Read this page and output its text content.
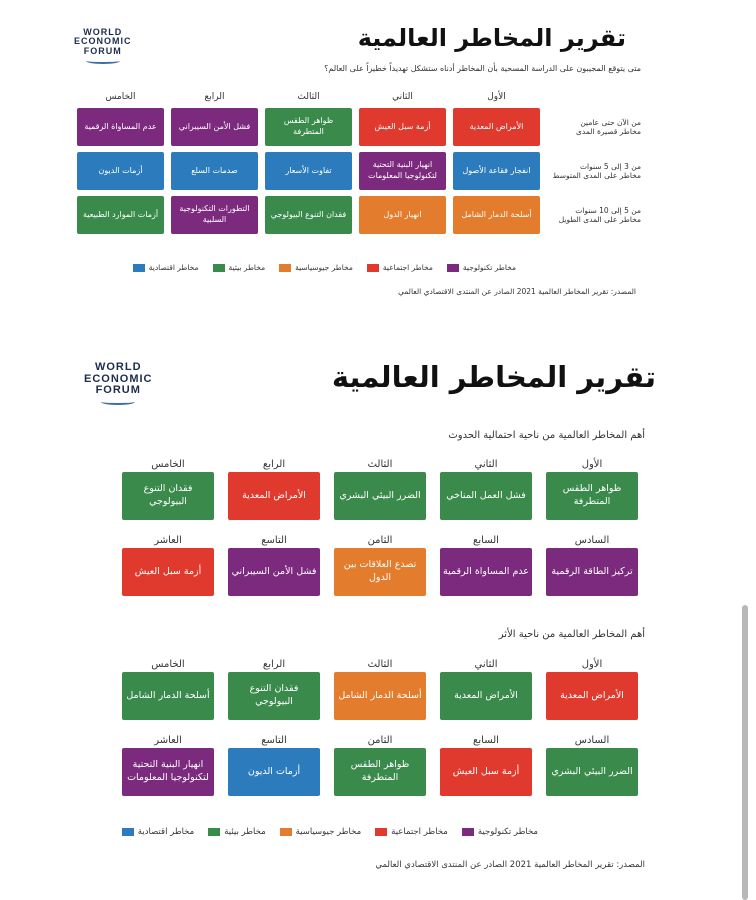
WORLD
ECONOMIC
FORUM	تقرير المخاطر العالمية
متى يتوقع المجيبون على الدراسة المسحية بأن المخاطر أدناه ستشكل تهديداً خطيراً على العالم؟
الأول
الثاني
الثالث
الرابع
الخامس
من الآن حتى عامين
مخاطر قصيرة المدى
الأمراض المعدية
أزمة سبل العيش
ظواهر الطقس المتطرفة
فشل الأمن السيبراني
عدم المساواة الرقمية
من 3 إلى 5 سنوات
مخاطر على المدى المتوسط
انفجار فقاعة الأصول
انهيار البنية التحتية لتكنولوجيا المعلومات
تفاوت الأسعار
صدمات السلع
أزمات الديون
من 5 إلى 10 سنوات
مخاطر على المدى الطويل
أسلحة الدمار الشامل
انهيار الدول
فقدان التنوع البيولوجي
التطورات التكنولوجية السلبية
أزمات الموارد الطبيعية
مخاطر تكنولوجية
مخاطر اجتماعية
مخاطر جيوسياسية
مخاطر بيئية
مخاطر اقتصادية
المصدر: تقرير المخاطر العالمية 2021 الصادر عن المنتدى الاقتصادي العالمي
WORLD
ECONOMIC
FORUM	تقرير المخاطر العالمية
أهم المخاطر العالمية من ناحية احتمالية الحدوث
الأول
الثاني
الثالث
الرابع
الخامس
ظواهر الطقس المتطرفة
فشل العمل المناخي
الضرر البيئي البشري
الأمراض المعدية
فقدان التنوع البيولوجي
السادس
السابع
الثامن
التاسع
العاشر
تركيز الطاقة الرقمية
عدم المساواة الرقمية
تصدع العلاقات بين الدول
فشل الأمن السيبراني
أزمة سبل العيش
أهم المخاطر العالمية من ناحية الأثر
الأول
الثاني
الثالث
الرابع
الخامس
الأمراض المعدية
الأمراض المعدية
أسلحة الدمار الشامل
فقدان التنوع البيولوجي
أسلحة الدمار الشامل
السادس
السابع
الثامن
التاسع
العاشر
الضرر البيئي البشري
أزمة سبل العيش
ظواهر الطقس المتطرفة
أزمات الديون
انهيار البنية التحتية لتكنولوجيا المعلومات
مخاطر تكنولوجية
مخاطر اجتماعية
مخاطر جيوسياسية
مخاطر بيئية
مخاطر اقتصادية
المصدر: تقرير المخاطر العالمية 2021 الصادر عن المنتدى الاقتصادي العالمي
